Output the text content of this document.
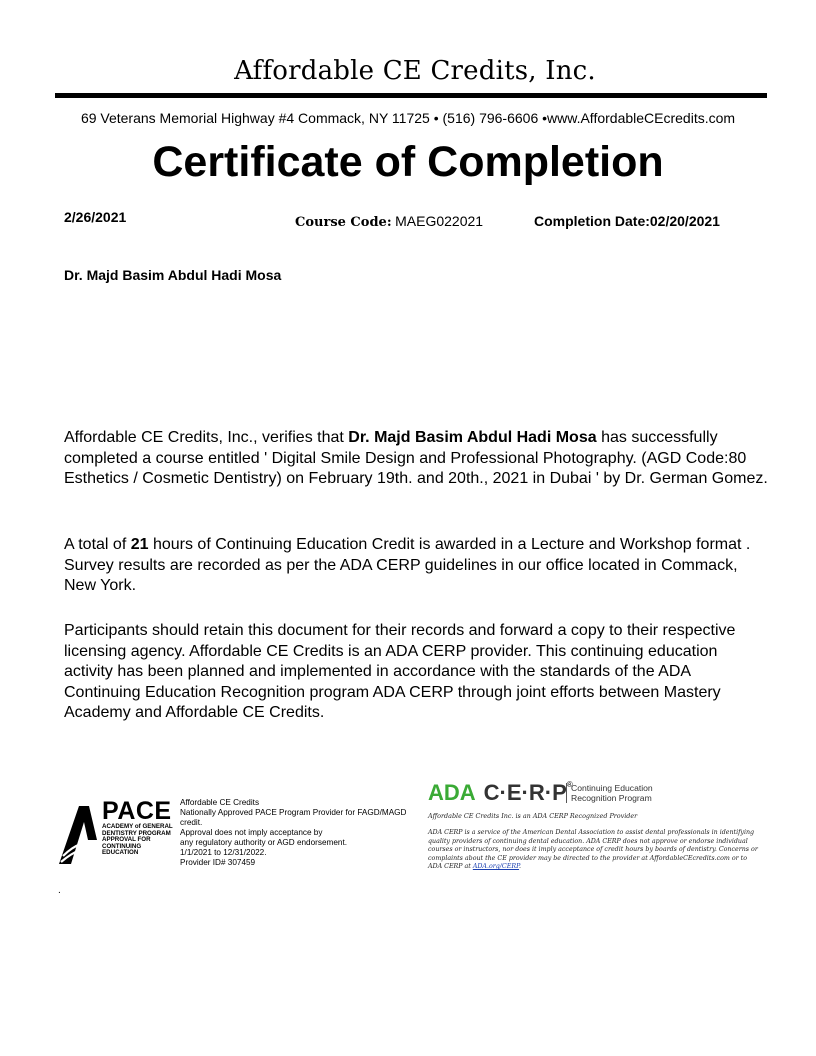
Affordable CE Credits, Inc.
69 Veterans Memorial Highway #4 Commack, NY 11725 • (516) 796-6606 •www.AffordableCEcredits.com
Certificate of Completion
2/26/2021	Course Code: MAEG022021	Completion Date:02/20/2021
Dr. Majd Basim Abdul Hadi Mosa
Affordable CE Credits, Inc., verifies that Dr. Majd Basim Abdul Hadi Mosa has successfully completed a course entitled ' Digital Smile Design and Professional Photography. (AGD Code:80 Esthetics / Cosmetic Dentistry) on February 19th. and 20th., 2021 in Dubai ' by Dr. German Gomez.
A total of 21 hours of Continuing Education Credit is awarded in a Lecture and Workshop format . Survey results are recorded as per the ADA CERP guidelines in our office located in Commack, New York.
Participants should retain this document for their records and forward a copy to their respective licensing agency. Affordable CE Credits is an ADA CERP provider. This continuing education activity has been planned and implemented in accordance with the standards of the ADA Continuing Education Recognition program ADA CERP through joint efforts between Mastery Academy and Affordable CE Credits.
PACE
ACADEMY of GENERAL DENTISTRY PROGRAM APPROVAL FOR CONTINUING EDUCATION
Affordable CE Credits
Nationally Approved PACE Program Provider for FAGD/MAGD credit.
Approval does not imply acceptance by
any regulatory authority or AGD endorsement.
1/1/2021 to 12/31/2022.
Provider ID# 307459
ADA C·E·R·P®
Continuing Education Recognition Program
Affordable CE Credits Inc. is an ADA CERP Recognized Provider
ADA CERP is a service of the American Dental Association to assist dental professionals in identifying quality providers of continuing dental education. ADA CERP does not approve or endorse individual courses or instructors, nor does it imply acceptance of credit hours by boards of dentistry. Concerns or complaints about the CE provider may be directed to the provider at AffordableCEcredits.com or to ADA CERP at ADA.org/CERP.
.
